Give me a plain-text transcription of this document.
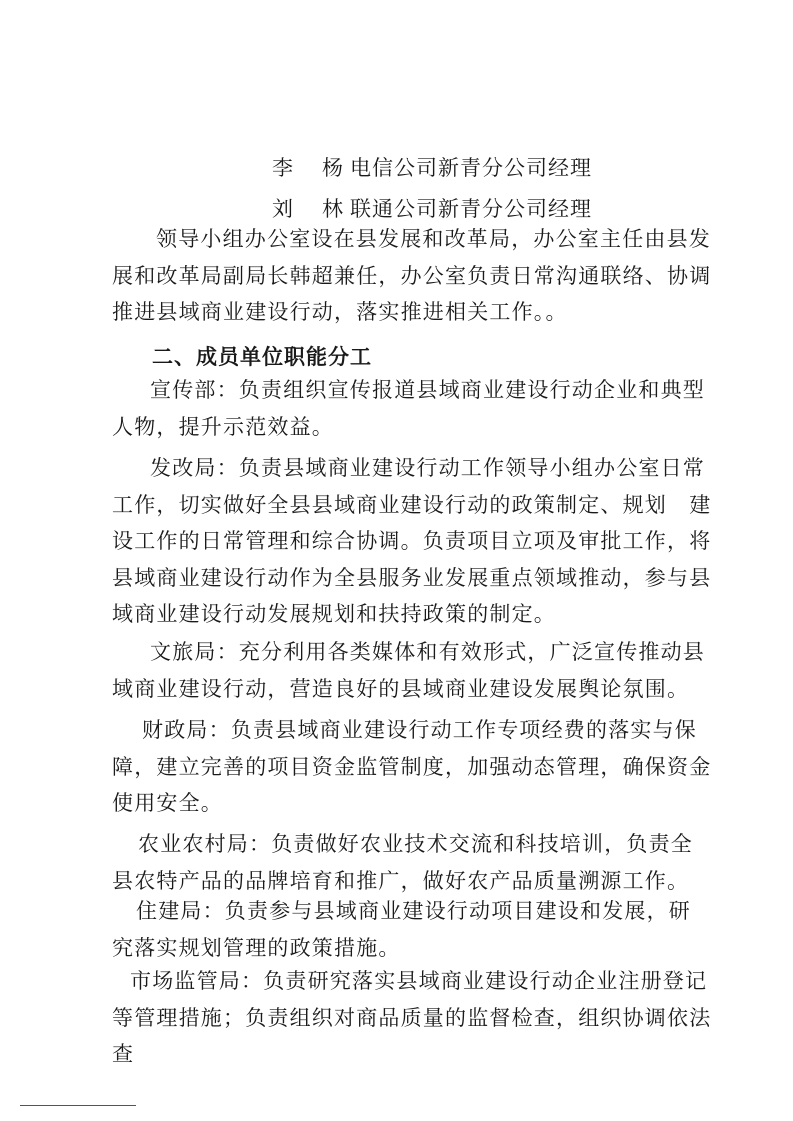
李　杨 电信公司新青分公司经理
刘　林 联通公司新青分公司经理
领导小组办公室设在县发展和改革局，办公室主任由县发展和改革局副局长韩超兼任，办公室负责日常沟通联络、协调推进县域商业建设行动，落实推进相关工作。。
二、成员单位职能分工
宣传部：负责组织宣传报道县域商业建设行动企业和典型人物，提升示范效益。
发改局：负责县域商业建设行动工作领导小组办公室日常工作，切实做好全县县域商业建设行动的政策制定、规划　建设工作的日常管理和综合协调。负责项目立项及审批工作，将县域商业建设行动作为全县服务业发展重点领域推动，参与县域商业建设行动发展规划和扶持政策的制定。
文旅局：充分利用各类媒体和有效形式，广泛宣传推动县域商业建设行动，营造良好的县域商业建设发展舆论氛围。
财政局：负责县域商业建设行动工作专项经费的落实与保障，建立完善的项目资金监管制度，加强动态管理，确保资金使用安全。
农业农村局：负责做好农业技术交流和科技培训，负责全县农特产品的品牌培育和推广，做好农产品质量溯源工作。
住建局：负责参与县域商业建设行动项目建设和发展，研究落实规划管理的政策措施。
市场监管局：负责研究落实县域商业建设行动企业注册登记等管理措施；负责组织对商品质量的监督检查，组织协调依法查
